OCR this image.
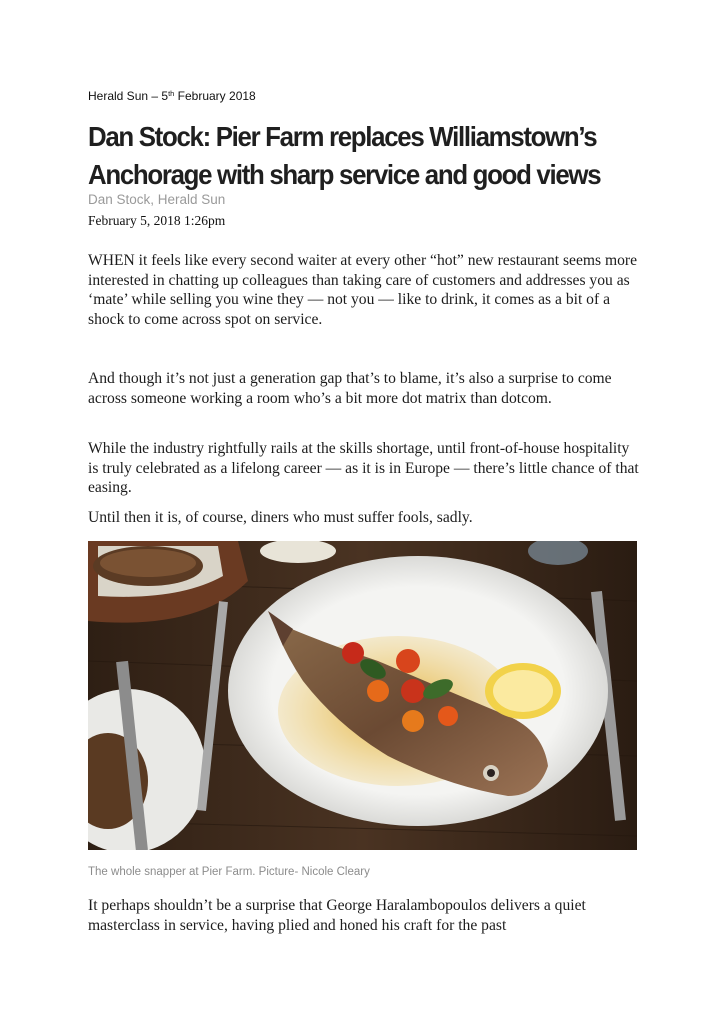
Herald Sun – 5th February 2018
Dan Stock: Pier Farm replaces Williamstown’s Anchorage with sharp service and good views
Dan Stock, Herald Sun
February 5, 2018 1:26pm

WHEN it feels like every second waiter at every other “hot” new restaurant seems more interested in chatting up colleagues than taking care of customers and addresses you as ‘mate’ while selling you wine they — not you — like to drink, it comes as a bit of a shock to come across spot on service.

And though it’s not just a generation gap that’s to blame, it’s also a surprise to come across someone working a room who’s a bit more dot matrix than dotcom.

While the industry rightfully rails at the skills shortage, until front-of-house hospitality is truly celebrated as a lifelong career — as it is in Europe — there’s little chance of that easing.

Until then it is, of course, diners who must suffer fools, sadly.

The whole snapper at Pier Farm. Picture- Nicole Cleary

It perhaps shouldn’t be a surprise that George Haralambopoulos delivers a quiet masterclass in service, having plied and honed his craft for the past
